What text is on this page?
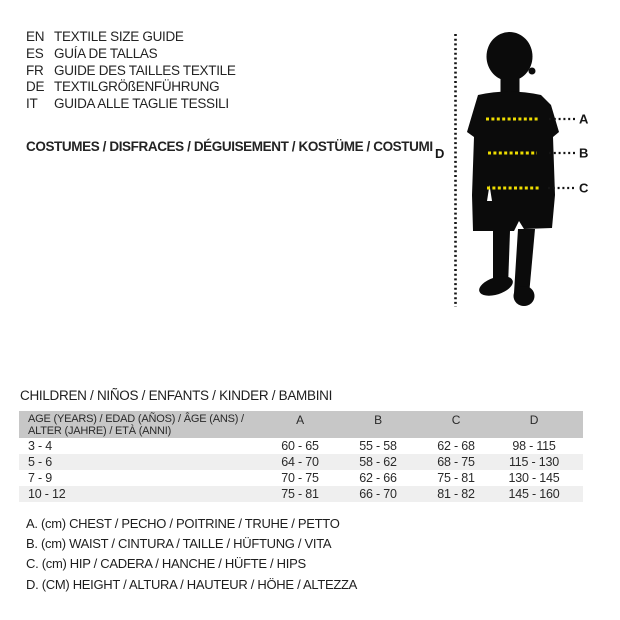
EN TEXTILE SIZE GUIDE
ES GUÍA DE TALLAS
FR GUIDE DES TAILLES TEXTILE
DE TEXTILGRÖßENFÜHRUNG
IT	GUIDA ALLE TAGLIE TESSILI
COSTUMES / DISFRACES / DÉGUISEMENT / KOSTÜME / COSTUMI D
A
B
C
CHILDREN / NIÑOS / ENFANTS / KINDER / BAMBINI
AGE (YEARS) / EDAD (AÑOS) / ÂGE (ANS) /
ALTER (JAHRE) / ETÀ (ANNI)
A	B	C	D
3 - 4	60 - 65	55 - 58	62 - 68	98 - 115
5 - 6	64 - 70	58 - 62	68 - 75	115 - 130
7 - 9	70 - 75	62 - 66	75 - 81	130 - 145
10 - 12	75 - 81	66 - 70	81 - 82	145 - 160
A. (cm) CHEST / PECHO / POITRINE / TRUHE / PETTO
B. (cm) WAIST / CINTURA / TAILLE / HÜFTUNG / VITA
C. (cm) HIP / CADERA / HANCHE / HÜFTE / HIPS
D. (CM) HEIGHT / ALTURA / HAUTEUR / HÖHE / ALTEZZA
